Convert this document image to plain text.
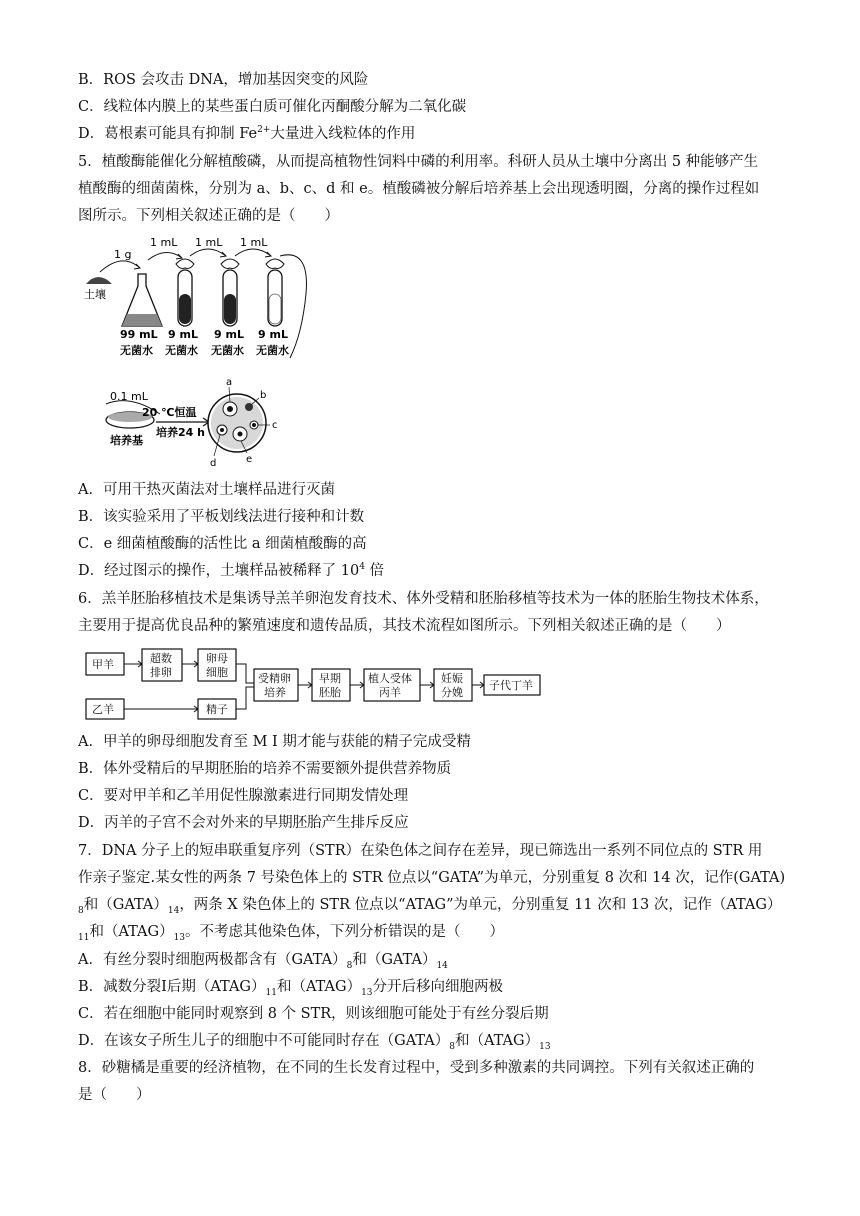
B．ROS 会攻击 DNA，增加基因突变的风险
C．线粒体内膜上的某些蛋白质可催化丙酮酸分解为二氧化碳
D．葛根素可能具有抑制 $Fe^{2+}$大量进入线粒体的作用
5．植酸酶能催化分解植酸磷，从而提高植物性饲料中磷的利用率。科研人员从土壤中分离出 5 种能够产生
植酸酶的细菌菌株，分别为 a、b、c、d 和 e。植酸磷被分解后培养基上会出现透明圈，分离的操作过程如
图所示。下列相关叙述正确的是（　　）
土壤
1 g
1 mL 1 mL 1 mL
99 mL 9 mL 9 mL 9 mL
无菌水 无菌水 无菌水 无菌水
0.1 mL
培养基
20 ℃恒温
培养24 h
a
b
c
e
d
A．可用干热灭菌法对土壤样品进行灭菌
B．该实验采用了平板划线法进行接种和计数
C．e 细菌植酸酶的活性比 a 细菌植酸酶的高
D．经过图示的操作，土壤样品被稀释了 $10^4$ 倍
6．羔羊胚胎移植技术是集诱导羔羊卵泡发育技术、体外受精和胚胎移植等技术为一体的胚胎生物技术体系，
主要用于提高优良品种的繁殖速度和遗传品质，其技术流程如图所示。下列相关叙述正确的是（　　）
甲羊	超数
排卵
卵母
细胞	受精卵
培养
早期
胚胎
植人受体
丙羊
妊娠
分娩
子代丁羊
乙羊	精子
A．甲羊的卵母细胞发育至 M Ⅰ 期才能与获能的精子完成受精
B．体外受精后的早期胚胎的培养不需要额外提供营养物质
C．要对甲羊和乙羊用促性腺激素进行同期发情处理
D．丙羊的子宫不会对外来的早期胚胎产生排斥反应
7．DNA 分子上的短串联重复序列（STR）在染色体之间存在差异，现已筛选出一系列不同位点的 STR 用
作亲子鉴定.某女性的两条 7 号染色体上的 STR 位点以“GATA”为单元，分别重复 8 次和 14 次，记作(GATA)
$_8$和$(GATA)_{14}$，两条 X 染色体上的 STR 位点以“ATAG”为单元，分别重复 11 次和 13 次，记作（ATAG）
$_{11}$和$(ATAG)_{13}$。不考虑其他染色体，下列分析错误的是（　　）
A．有丝分裂时细胞两极都含有$(GATA)_8$和$(GATA)_{14}$
B．减数分裂Ⅰ后期$(ATAG)_{11}$和$(ATAG)_{13}$分开后移向细胞两极
C．若在细胞中能同时观察到 8 个 STR，则该细胞可能处于有丝分裂后期
D．在该女子所生儿子的细胞中不可能同时存在$(GATA)_8$和$(ATAG)_{13}$
8．砂糖橘是重要的经济植物，在不同的生长发育过程中，受到多种激素的共同调控。下列有关叙述正确的
是（　　）
